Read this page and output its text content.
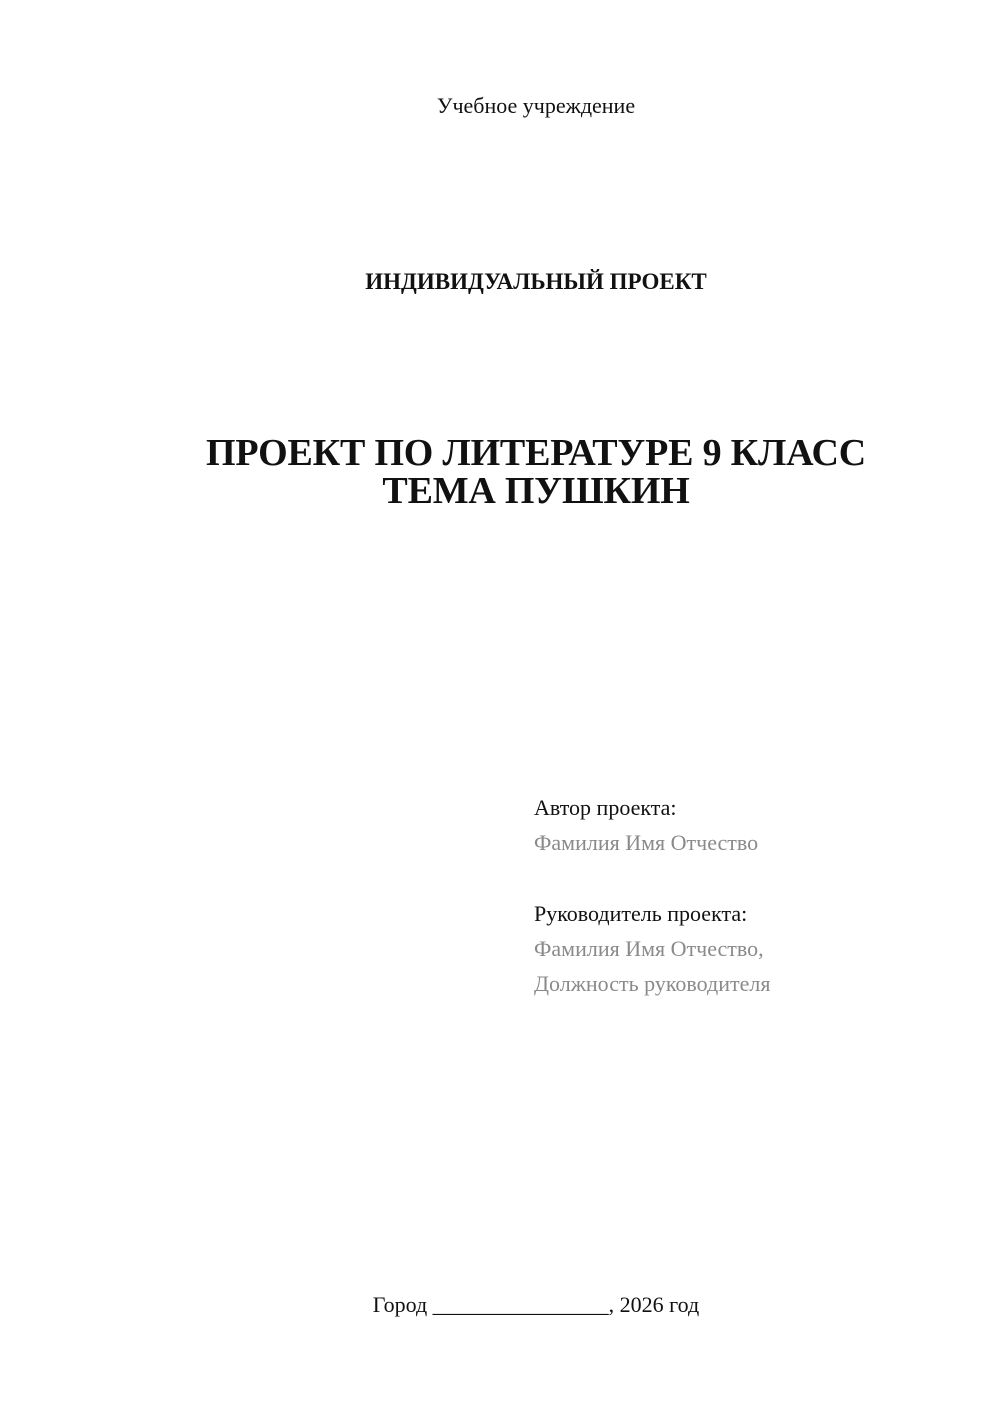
Учебное учреждение
ИНДИВИДУАЛЬНЫЙ ПРОЕКТ
ПРОЕКТ ПО ЛИТЕРАТУРЕ 9 КЛАСС
ТЕМА ПУШКИН
Автор проекта:
Фамилия Имя Отчество
Руководитель проекта:
Фамилия Имя Отчество,
Должность руководителя
Город ________________, 2026 год
